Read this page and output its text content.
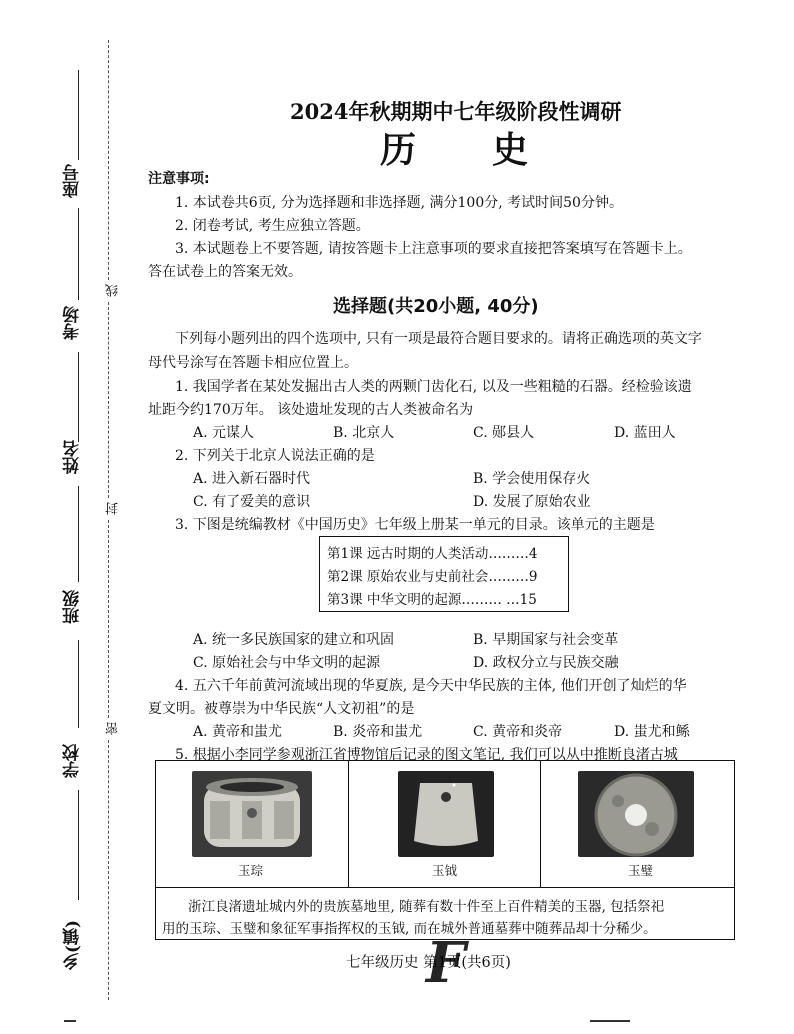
座号
考场
姓名
班级
学校
乡(镇)
线
封
密
2024年秋期期中七年级阶段性调研
历　史
注意事项:
1. 本试卷共6页, 分为选择题和非选择题, 满分100分, 考试时间50分钟。
2. 闭卷考试, 考生应独立答题。
3. 本试题卷上不要答题, 请按答题卡上注意事项的要求直接把答案填写在答题卡上。
答在试卷上的答案无效。
选择题(共20小题, 40分)
下列每小题列出的四个选项中, 只有一项是最符合题目要求的。请将正确选项的英文字
母代号涂写在答题卡相应位置上。
1. 我国学者在某处发掘出古人类的两颗门齿化石, 以及一些粗糙的石器。经检验该遗
址距今约170万年。 该处遗址发现的古人类被命名为
A. 元谋人	B. 北京人	C. 郧县人	D. 蓝田人
2. 下列关于北京人说法正确的是
A. 进入新石器时代	B. 学会使用保存火
C. 有了爱美的意识	D. 发展了原始农业
3. 下图是统编教材《中国历史》七年级上册某一单元的目录。该单元的主题是
第1课 远古时期的人类活动………4
第2课 原始农业与史前社会………9
第3课 中华文明的起源……… …15
A. 统一多民族国家的建立和巩固	B. 早期国家与社会变革
C. 原始社会与中华文明的起源	D. 政权分立与民族交融
4. 五六千年前黄河流域出现的华夏族, 是今天中华民族的主体, 他们开创了灿烂的华
夏文明。被尊崇为中华民族“人文初祖”的是
A. 黄帝和蚩尤	B. 炎帝和蚩尤	C. 黄帝和炎帝	D. 蚩尤和鲧
5. 根据小李同学参观浙江省博物馆后记录的图文笔记, 我们可以从中推断良渚古城
玉琮	玉钺	玉璧
浙江良渚遗址城内外的贵族墓地里, 随葬有数十件至上百件精美的玉器, 包括祭祀
用的玉琮、玉璧和象征军事指挥权的玉钺, 而在城外普通墓葬中随葬品却十分稀少。
七年级历史 第1页(共6页)
F
